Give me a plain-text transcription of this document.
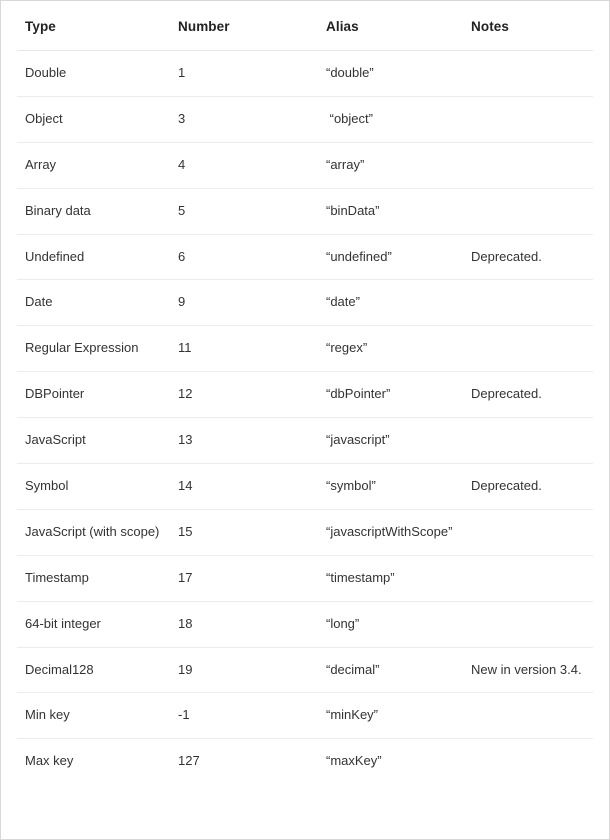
Type	Number	Alias	Notes
Double	1	“double”	
Object	3	“object”	
Array	4	“array”	
Binary data	5	“binData”	
Undefined	6	“undefined”	Deprecated.
Date	9	“date”	
Regular Expression	11	“regex”	
DBPointer	12	“dbPointer”	Deprecated.
JavaScript	13	“javascript”	
Symbol	14	“symbol”	Deprecated.
JavaScript (with scope)	15	“javascriptWithScope”	
Timestamp	17	“timestamp”	
64-bit integer	18	“long”	
Decimal128	19	“decimal”	New in version 3.4.
Min key	-1	“minKey”	
Max key	127	“maxKey”	
